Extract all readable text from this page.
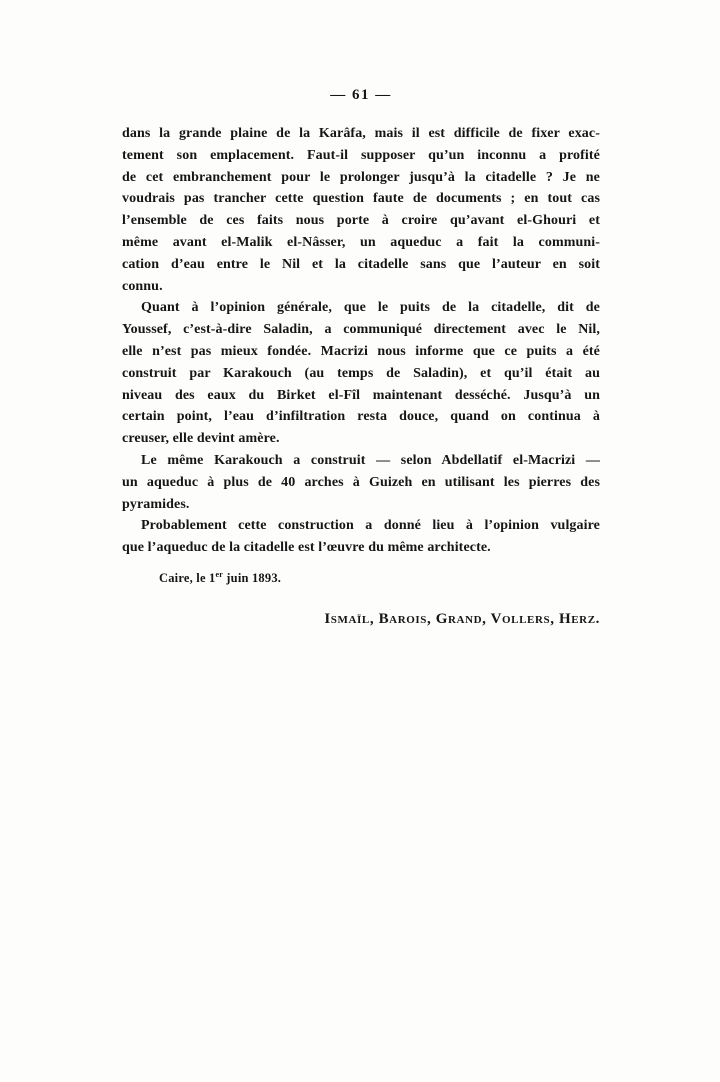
— 61 —
dans la grande plaine de la Karâfa, mais il est difficile de fixer exac-
tement son emplacement. Faut-il supposer qu’un inconnu a profité
de cet embranchement pour le prolonger jusqu’à la citadelle ? Je ne
voudrais pas trancher cette question faute de documents ; en tout cas
l’ensemble de ces faits nous porte à croire qu’avant el-Ghouri et
même avant el-Malik el-Nâsser, un aqueduc a fait la communi-
cation d’eau entre le Nil et la citadelle sans que l’auteur en soit
connu.
Quant à l’opinion générale, que le puits de la citadelle, dit de
Youssef, c’est-à-dire Saladin, a communiqué directement avec le Nil,
elle n’est pas mieux fondée. Macrizi nous informe que ce puits a été
construit par Karakouch (au temps de Saladin), et qu’il était au
niveau des eaux du Birket el-Fîl maintenant desséché. Jusqu’à un
certain point, l’eau d’infiltration resta douce, quand on continua à
creuser, elle devint amère.
Le même Karakouch a construit — selon Abdellatif el-Macrizi —
un aqueduc à plus de 40 arches à Guizeh en utilisant les pierres des
pyramides.
Probablement cette construction a donné lieu à l’opinion vulgaire
que l’aqueduc de la citadelle est l’œuvre du même architecte.
Caire, le 1er juin 1893.
Ismaïl, Barois, Grand, Vollers, Herz.
